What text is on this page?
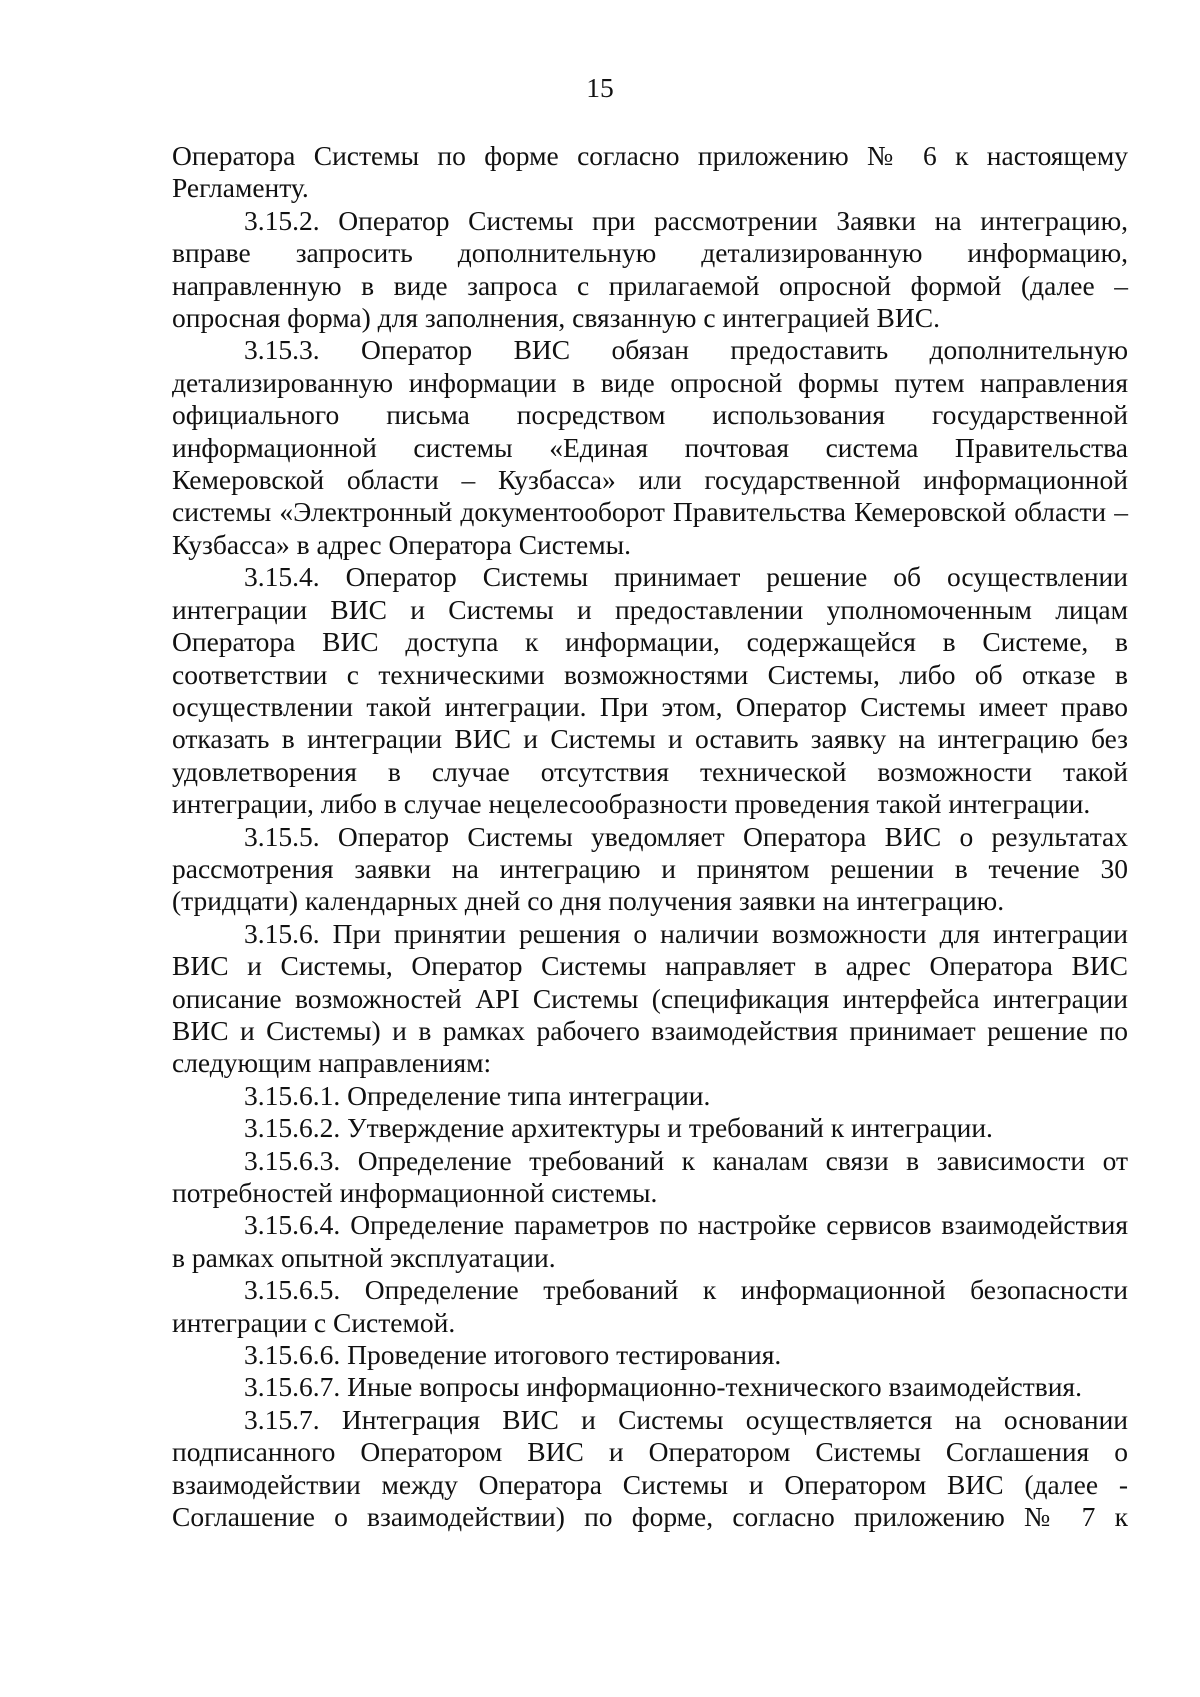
15

Оператора Системы по форме согласно приложению № 6 к настоящему Регламенту.

3.15.2. Оператор Системы при рассмотрении Заявки на интеграцию, вправе запросить дополнительную детализированную информацию, направленную в виде запроса с прилагаемой опросной формой (далее – опросная форма) для заполнения, связанную с интеграцией ВИС.

3.15.3. Оператор ВИС обязан предоставить дополнительную детализированную информации в виде опросной формы путем направления официального письма посредством использования государственной информационной системы «Единая почтовая система Правительства Кемеровской области – Кузбасса» или государственной информационной системы «Электронный документооборот Правительства Кемеровской области – Кузбасса» в адрес Оператора Системы.

3.15.4. Оператор Системы принимает решение об осуществлении интеграции ВИС и Системы и предоставлении уполномоченным лицам Оператора ВИС доступа к информации, содержащейся в Системе, в соответствии с техническими возможностями Системы, либо об отказе в осуществлении такой интеграции. При этом, Оператор Системы имеет право отказать в интеграции ВИС и Системы и оставить заявку на интеграцию без удовлетворения в случае отсутствия технической возможности такой интеграции, либо в случае нецелесообразности проведения такой интеграции.

3.15.5. Оператор Системы уведомляет Оператора ВИС о результатах рассмотрения заявки на интеграцию и принятом решении в течение 30 (тридцати) календарных дней со дня получения заявки на интеграцию.

3.15.6. При принятии решения о наличии возможности для интеграции ВИС и Системы, Оператор Системы направляет в адрес Оператора ВИС описание возможностей API Системы (спецификация интерфейса интеграции ВИС и Системы) и в рамках рабочего взаимодействия принимает решение по следующим направлениям:

3.15.6.1. Определение типа интеграции.

3.15.6.2. Утверждение архитектуры и требований к интеграции.

3.15.6.3. Определение требований к каналам связи в зависимости от потребностей информационной системы.

3.15.6.4. Определение параметров по настройке сервисов взаимодействия в рамках опытной эксплуатации.

3.15.6.5. Определение требований к информационной безопасности интеграции с Системой.

3.15.6.6. Проведение итогового тестирования.

3.15.6.7. Иные вопросы информационно-технического взаимодействия.

3.15.7. Интеграция ВИС и Системы осуществляется на основании подписанного Оператором ВИС и Оператором Системы Соглашения о взаимодействии между Оператора Системы и Оператором ВИС (далее - Соглашение о взаимодействии) по форме, согласно приложению № 7 к
